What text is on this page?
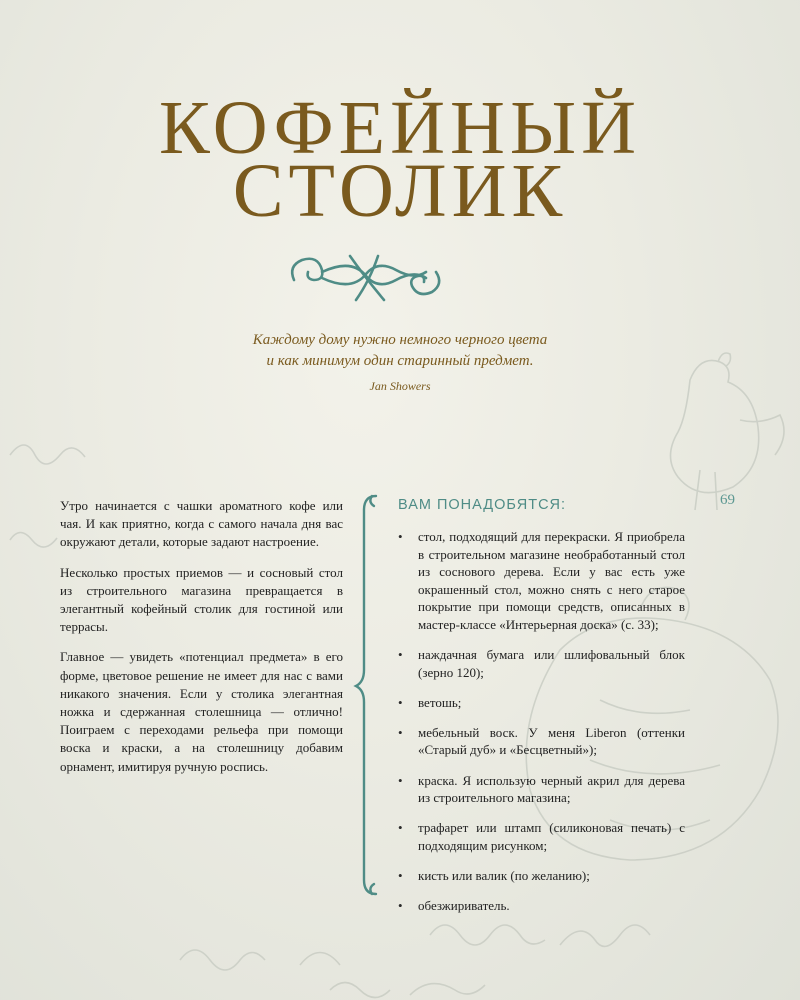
КОФЕЙНЫЙ
СТОЛИК
Каждому дому нужно немного черного цвета
и как минимум один старинный предмет.
Jan Showers

Утро начинается с чашки ароматного кофе или чая. И как приятно, когда с самого начала дня вас окружают детали, которые задают настроение.

Несколько простых приемов — и сосновый стол из строительного магазина превращается в элегантный кофейный столик для гостиной или террасы.

Главное — увидеть «потенциал предмета» в его форме, цветовое решение не имеет для нас с вами никакого значения. Если у столика элегантная ножка и сдержанная столешница — отлично! Поиграем с переходами рельефа при помощи воска и краски, а на столешницу добавим орнамент, имитируя ручную роспись.

ВАМ ПОНАДОБЯТСЯ:	69
• стол, подходящий для перекраски. Я приобрела в строительном магазине необработанный стол из соснового дерева. Если у вас есть уже окрашенный стол, можно снять с него старое покрытие при помощи средств, описанных в мастер-классе «Интерьерная доска» (с. 33);
• наждачная бумага или шлифовальный блок (зерно 120);
• ветошь;
• мебельный воск. У меня Liberon (оттенки «Старый дуб» и «Бесцветный»);
• краска. Я использую черный акрил для дерева из строительного магазина;
• трафарет или штамп (силиконовая печать) с подходящим рисунком;
• кисть или валик (по желанию);
• обезжириватель.
